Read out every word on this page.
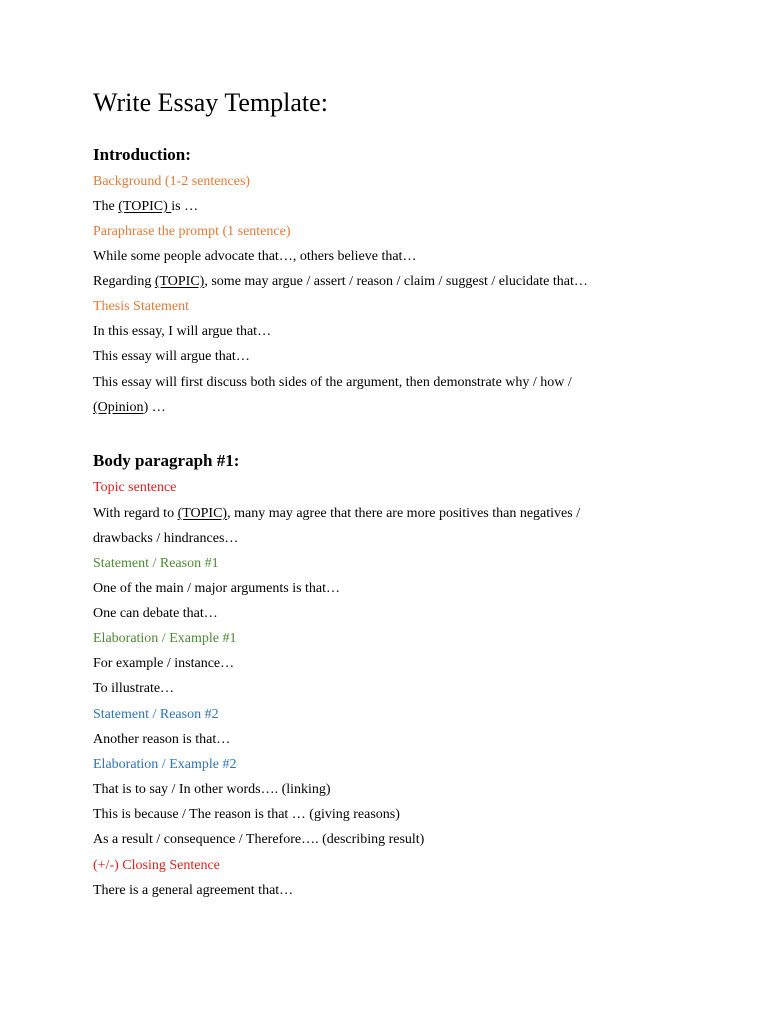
Write Essay Template:
Introduction:
Background (1-2 sentences)
The (TOPIC) is …
Paraphrase the prompt (1 sentence)
While some people advocate that…, others believe that…
Regarding (TOPIC), some may argue / assert / reason / claim / suggest / elucidate that…
Thesis Statement
In this essay, I will argue that…
This essay will argue that…
This essay will first discuss both sides of the argument, then demonstrate why / how /
(Opinion) …
Body paragraph #1:
Topic sentence
With regard to (TOPIC), many may agree that there are more positives than negatives /
drawbacks / hindrances…
Statement / Reason #1
One of the main / major arguments is that…
One can debate that…
Elaboration / Example #1
For example / instance…
To illustrate…
Statement / Reason #2
Another reason is that…
Elaboration / Example #2
That is to say / In other words…. (linking)
This is because / The reason is that … (giving reasons)
As a result / consequence / Therefore…. (describing result)
(+/-) Closing Sentence
There is a general agreement that…
